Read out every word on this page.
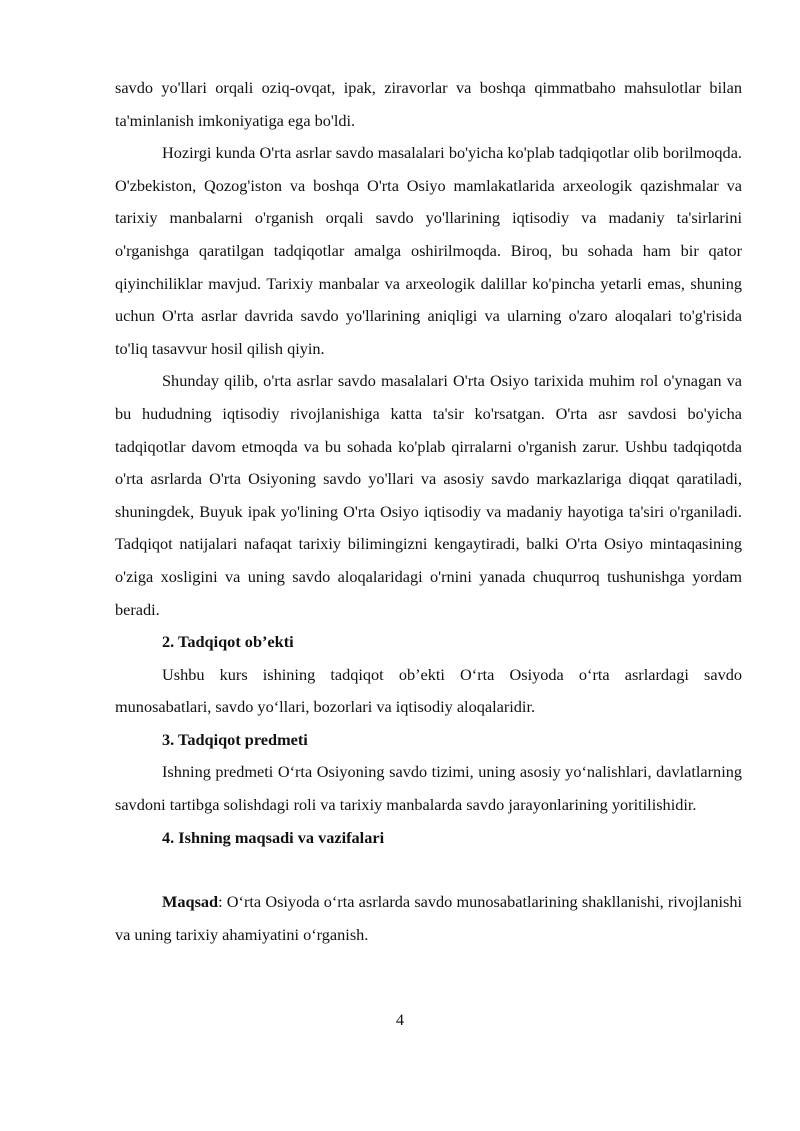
savdo yo'llari orqali oziq-ovqat, ipak, ziravorlar va boshqa qimmatbaho mahsulotlar bilan ta'minlanish imkoniyatiga ega bo'ldi.

Hozirgi kunda O'rta asrlar savdo masalalari bo'yicha ko'plab tadqiqotlar olib borilmoqda. O'zbekiston, Qozog'iston va boshqa O'rta Osiyo mamlakatlarida arxeologik qazishmalar va tarixiy manbalarni o'rganish orqali savdo yo'llarining iqtisodiy va madaniy ta'sirlarini o'rganishga qaratilgan tadqiqotlar amalga oshirilmoqda. Biroq, bu sohada ham bir qator qiyinchiliklar mavjud. Tarixiy manbalar va arxeologik dalillar ko'pincha yetarli emas, shuning uchun O'rta asrlar davrida savdo yo'llarining aniqligi va ularning o'zaro aloqalari to'g'risida to'liq tasavvur hosil qilish qiyin.

Shunday qilib, o'rta asrlar savdo masalalari O'rta Osiyo tarixida muhim rol o'ynagan va bu hududning iqtisodiy rivojlanishiga katta ta'sir ko'rsatgan. O'rta asr savdosi bo'yicha tadqiqotlar davom etmoqda va bu sohada ko'plab qirralarni o'rganish zarur. Ushbu tadqiqotda o'rta asrlarda O'rta Osiyoning savdo yo'llari va asosiy savdo markazlariga diqqat qaratiladi, shuningdek, Buyuk ipak yo'lining O'rta Osiyo iqtisodiy va madaniy hayotiga ta'siri o'rganiladi. Tadqiqot natijalari nafaqat tarixiy bilimingizni kengaytiradi, balki O'rta Osiyo mintaqasining o'ziga xosligini va uning savdo aloqalaridagi o'rnini yanada chuqurroq tushunishga yordam beradi.

2. Tadqiqot ob’ekti

Ushbu kurs ishining tadqiqot ob’ekti O‘rta Osiyoda o‘rta asrlardagi savdo munosabatlari, savdo yo‘llari, bozorlari va iqtisodiy aloqalaridir.

3. Tadqiqot predmeti

Ishning predmeti O‘rta Osiyoning savdo tizimi, uning asosiy yo‘nalishlari, davlatlarning savdoni tartibga solishdagi roli va tarixiy manbalarda savdo jarayonlarining yoritilishidir.

4. Ishning maqsadi va vazifalari

Maqsad: O‘rta Osiyoda o‘rta asrlarda savdo munosabatlarining shakllanishi, rivojlanishi va uning tarixiy ahamiyatini o‘rganish.

4
